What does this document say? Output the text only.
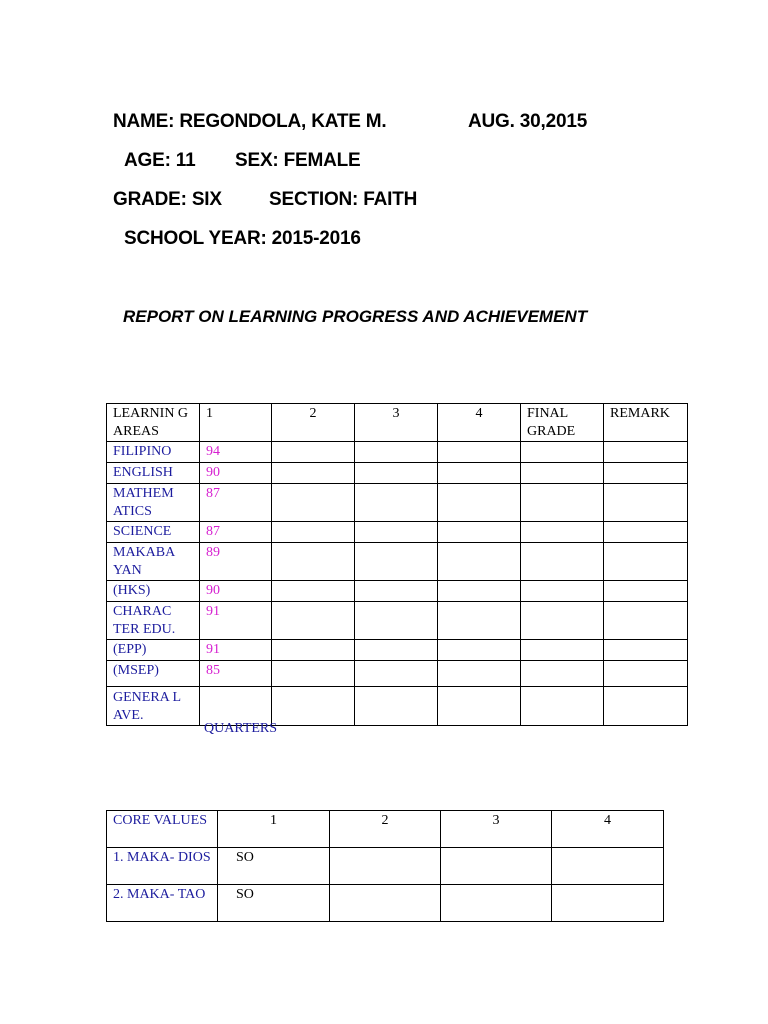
NAME: REGONDOLA, KATE M.	AUG. 30,2015
AGE: 11 SEX: FEMALE
GRADE: SIX SECTION: FAITH
SCHOOL YEAR: 2015-2016
REPORT ON LEARNING PROGRESS AND ACHIEVEMENT
LEARNIN G AREAS	1	2	3	4	FINAL GRADE	REMARK
FILIPINO	94					
ENGLISH	90					
MATHEM ATICS	87					
SCIENCE	87					
MAKABA YAN	89					
(HKS)	90					
CHARAC TER EDU.	91					
(EPP)	91					
(MSEP)	85					
GENERA L AVE.						
QUARTERS
CORE VALUES	1	2	3	4
1. MAKA- DIOS	SO			
2. MAKA- TAO	SO			
